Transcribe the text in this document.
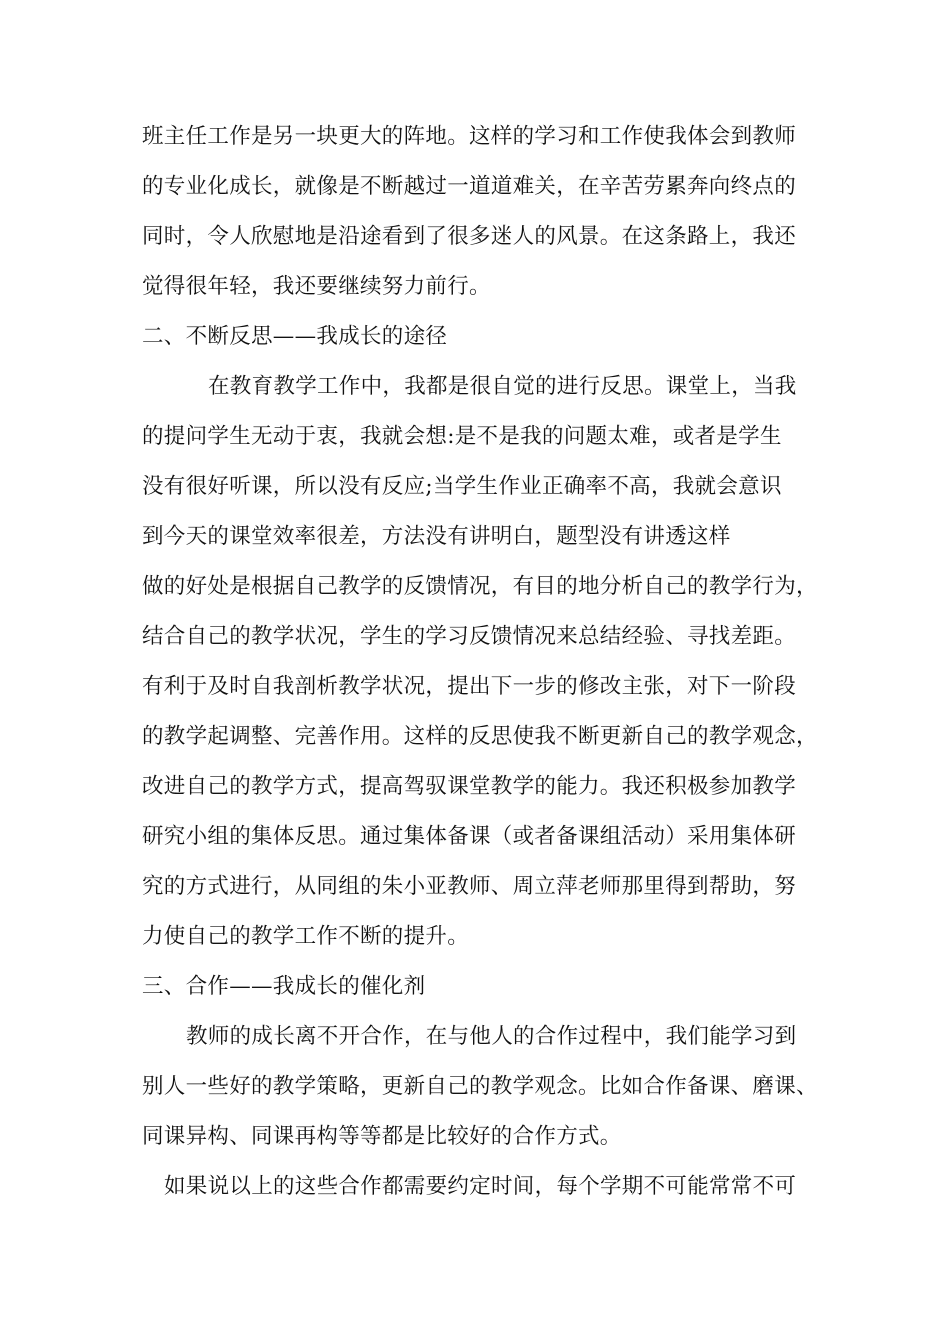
班主任工作是另一块更大的阵地。这样的学习和工作使我体会到教师
的专业化成长，就像是不断越过一道道难关，在辛苦劳累奔向终点的
同时，令人欣慰地是沿途看到了很多迷人的风景。在这条路上，我还
觉得很年轻，我还要继续努力前行。
二、不断反思——我成长的途径
在教育教学工作中，我都是很自觉的进行反思。课堂上，当我
的提问学生无动于衷，我就会想:是不是我的问题太难，或者是学生
没有很好听课，所以没有反应;当学生作业正确率不高，我就会意识
到今天的课堂效率很差，方法没有讲明白，题型没有讲透这样
做的好处是根据自己教学的反馈情况，有目的地分析自己的教学行为，
结合自己的教学状况，学生的学习反馈情况来总结经验、寻找差距。
有利于及时自我剖析教学状况，提出下一步的修改主张，对下一阶段
的教学起调整、完善作用。这样的反思使我不断更新自己的教学观念，
改进自己的教学方式，提高驾驭课堂教学的能力。我还积极参加教学
研究小组的集体反思。通过集体备课（或者备课组活动）采用集体研
究的方式进行，从同组的朱小亚教师、周立萍老师那里得到帮助，努
力使自己的教学工作不断的提升。
三、合作——我成长的催化剂
教师的成长离不开合作，在与他人的合作过程中，我们能学习到
别人一些好的教学策略，更新自己的教学观念。比如合作备课、磨课、
同课异构、同课再构等等都是比较好的合作方式。
如果说以上的这些合作都需要约定时间，每个学期不可能常常不可
